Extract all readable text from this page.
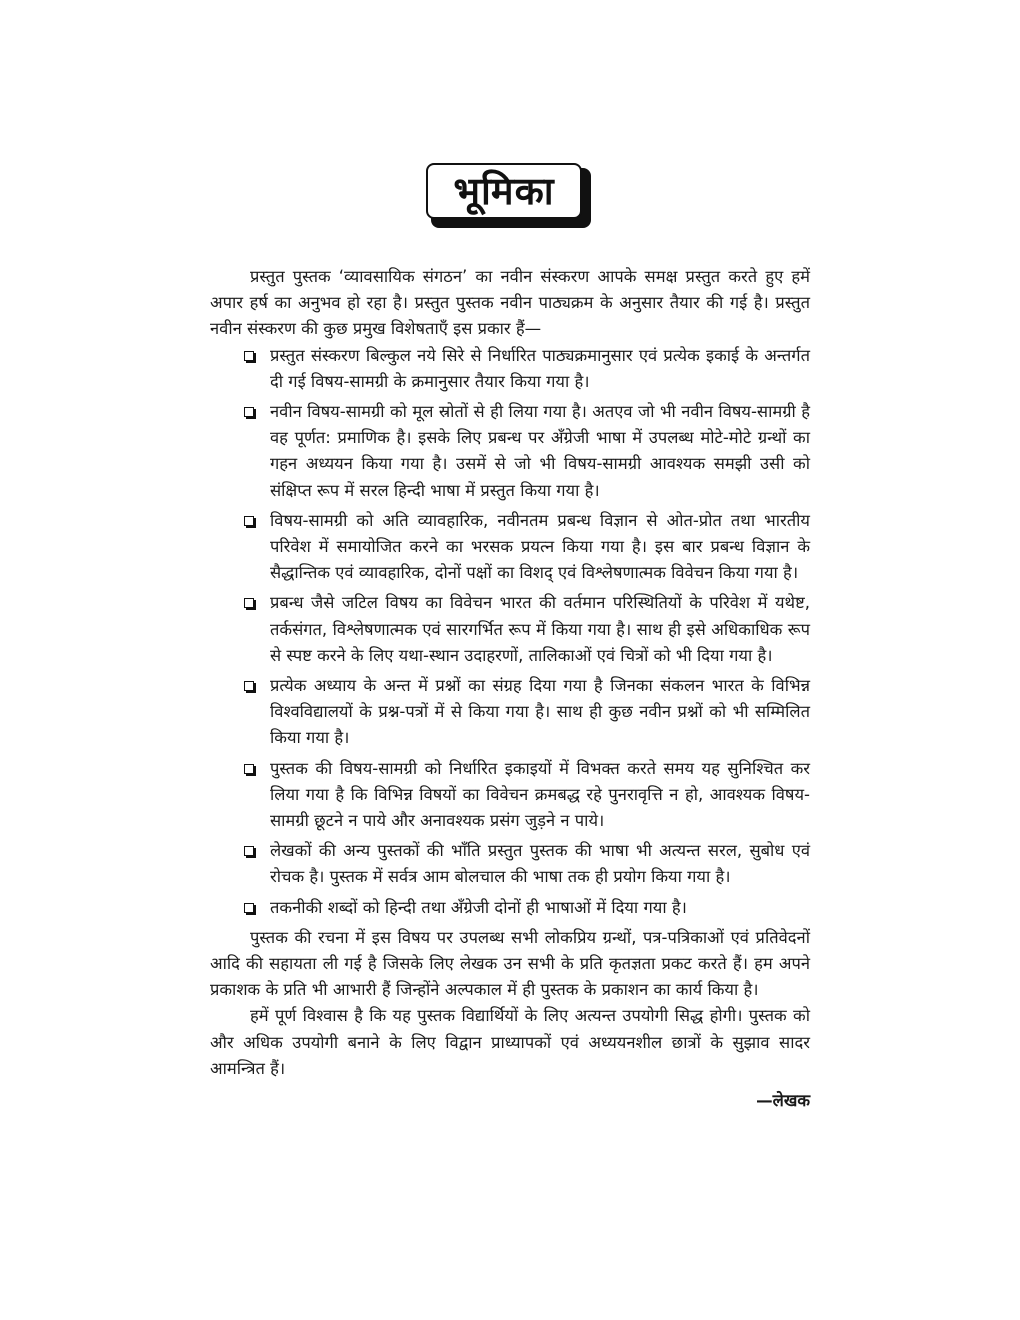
भूमिका

प्रस्तुत पुस्तक ‘व्यावसायिक संगठन’ का नवीन संस्करण आपके समक्ष प्रस्तुत करते हुए हमें अपार हर्ष का अनुभव हो रहा है। प्रस्तुत पुस्तक नवीन पाठ्यक्रम के अनुसार तैयार की गई है। प्रस्तुत नवीन संस्करण की कुछ प्रमुख विशेषताएँ इस प्रकार हैं—

प्रस्तुत संस्करण बिल्कुल नये सिरे से निर्धारित पाठ्यक्रमानुसार एवं प्रत्येक इकाई के अन्तर्गत दी गई विषय-सामग्री के क्रमानुसार तैयार किया गया है।
नवीन विषय-सामग्री को मूल स्रोतों से ही लिया गया है। अतएव जो भी नवीन विषय-सामग्री है वह पूर्णत: प्रमाणिक है। इसके लिए प्रबन्ध पर अँग्रेजी भाषा में उपलब्ध मोटे-मोटे ग्रन्थों का गहन अध्ययन किया गया है। उसमें से जो भी विषय-सामग्री आवश्यक समझी उसी को संक्षिप्त रूप में सरल हिन्दी भाषा में प्रस्तुत किया गया है।
विषय-सामग्री को अति व्यावहारिक, नवीनतम प्रबन्ध विज्ञान से ओत-प्रोत तथा भारतीय परिवेश में समायोजित करने का भरसक प्रयत्न किया गया है। इस बार प्रबन्ध विज्ञान के सैद्धान्तिक एवं व्यावहारिक, दोनों पक्षों का विशद् एवं विश्लेषणात्मक विवेचन किया गया है।
प्रबन्ध जैसे जटिल विषय का विवेचन भारत की वर्तमान परिस्थितियों के परिवेश में यथेष्ट, तर्कसंगत, विश्लेषणात्मक एवं सारगर्भित रूप में किया गया है। साथ ही इसे अधिकाधिक रूप से स्पष्ट करने के लिए यथा-स्थान उदाहरणों, तालिकाओं एवं चित्रों को भी दिया गया है।
प्रत्येक अध्याय के अन्त में प्रश्नों का संग्रह दिया गया है जिनका संकलन भारत के विभिन्न विश्वविद्यालयों के प्रश्न-पत्रों में से किया गया है। साथ ही कुछ नवीन प्रश्नों को भी सम्मिलित किया गया है।
पुस्तक की विषय-सामग्री को निर्धारित इकाइयों में विभक्त करते समय यह सुनिश्चित कर लिया गया है कि विभिन्न विषयों का विवेचन क्रमबद्ध रहे पुनरावृत्ति न हो, आवश्यक विषय-सामग्री छूटने न पाये और अनावश्यक प्रसंग जुड़ने न पाये।
लेखकों की अन्य पुस्तकों की भाँति प्रस्तुत पुस्तक की भाषा भी अत्यन्त सरल, सुबोध एवं रोचक है। पुस्तक में सर्वत्र आम बोलचाल की भाषा तक ही प्रयोग किया गया है।
तकनीकी शब्दों को हिन्दी तथा अँग्रेजी दोनों ही भाषाओं में दिया गया है।

पुस्तक की रचना में इस विषय पर उपलब्ध सभी लोकप्रिय ग्रन्थों, पत्र-पत्रिकाओं एवं प्रतिवेदनों आदि की सहायता ली गई है जिसके लिए लेखक उन सभी के प्रति कृतज्ञता प्रकट करते हैं। हम अपने प्रकाशक के प्रति भी आभारी हैं जिन्होंने अल्पकाल में ही पुस्तक के प्रकाशन का कार्य किया है।

हमें पूर्ण विश्वास है कि यह पुस्तक विद्यार्थियों के लिए अत्यन्त उपयोगी सिद्ध होगी। पुस्तक को और अधिक उपयोगी बनाने के लिए विद्वान प्राध्यापकों एवं अध्ययनशील छात्रों के सुझाव सादर आमन्त्रित हैं।

—लेखक
